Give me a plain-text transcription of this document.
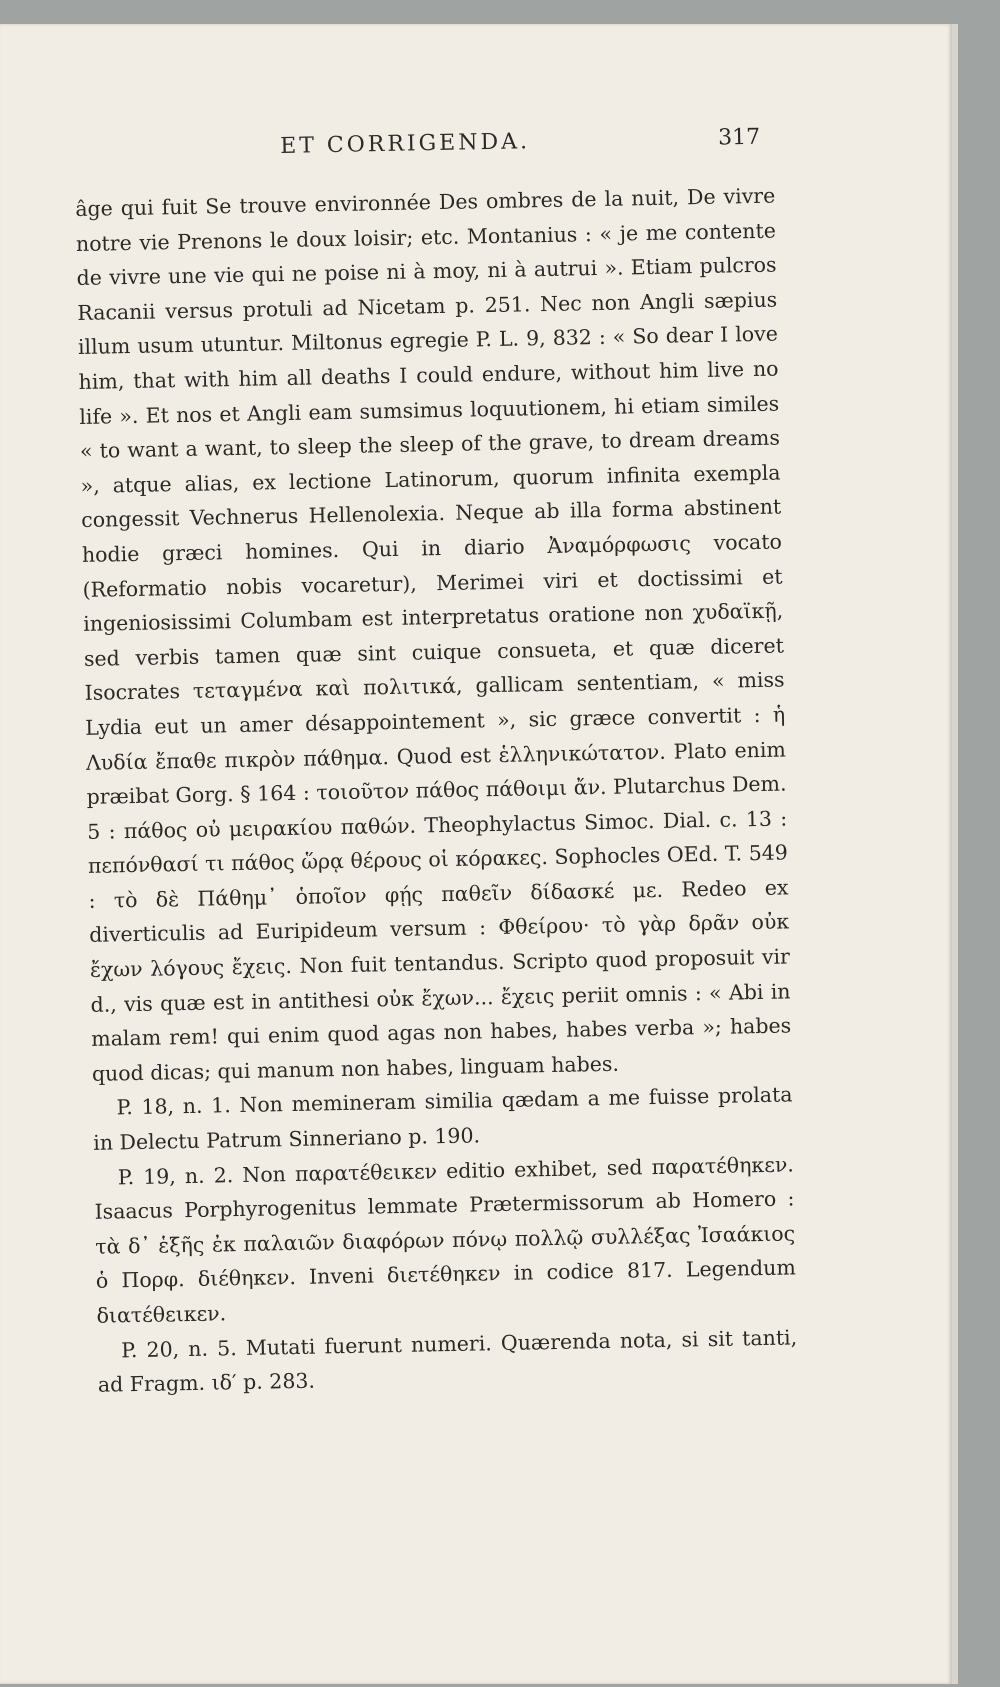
ET CORRIGENDA.	317

âge qui fuit Se trouve environnée Des ombres de la nuit, De vivre notre vie Prenons le doux loisir; etc. Montanius : « je me contente de vivre une vie qui ne poise ni à moy, ni à autrui ». Etiam pulcros Racanii versus protuli ad Nicetam p. 251. Nec non Angli sæpius illum usum utuntur. Miltonus egregie P. L. 9, 832 : « So dear I love him, that with him all deaths I could endure, without him live no life ». Et nos et Angli eam sumsimus loquutionem, hi etiam similes « to want a want, to sleep the sleep of the grave, to dream dreams », atque alias, ex lectione Latinorum, quorum infinita exempla congessit Vechnerus Hellenolexia. Neque ab illa forma abstinent hodie græci homines. Qui in diario Ἀναμόρφωσις vocato (Reformatio nobis vocaretur), Merimei viri et doctissimi et ingeniosissimi Columbam est interpretatus oratione non χυδαϊκῇ, sed verbis tamen quæ sint cuique consueta, et quæ diceret Isocrates τεταγμένα καὶ πολιτικά, gallicam sententiam, « miss Lydia eut un amer désappointement », sic græce convertit : ἡ Λυδία ἔπαθε πικρὸν πάθημα. Quod est ἑλληνικώτατον. Plato enim præibat Gorg. § 164 : τοιοῦτον πάθος πάθοιμι ἄν. Plutarchus Dem. 5 : πάθος οὐ μειρακίου παθών. Theophylactus Simoc. Dial. c. 13 : πεπόνθασί τι πάθος ὥρᾳ θέρους οἱ κόρακες. Sophocles OEd. T. 549 : τὸ δὲ Πάθημ᾽ ὁποῖον φῄς παθεῖν δίδασκέ με. Redeo ex diverticulis ad Euripideum versum : Φθείρου· τὸ γὰρ δρᾶν οὐκ ἔχων λόγους ἔχεις. Non fuit tentandus. Scripto quod proposuit vir d., vis quæ est in antithesi οὐκ ἔχων... ἔχεις periit omnis : « Abi in malam rem! qui enim quod agas non habes, habes verba »; habes quod dicas; qui manum non habes, linguam habes.

P. 18, n. 1. Non memineram similia qædam a me fuisse prolata in Delectu Patrum Sinneriano p. 190.

P. 19, n. 2. Non παρατέθεικεν editio exhibet, sed παρατέθηκεν. Isaacus Porphyrogenitus lemmate Prætermissorum ab Homero : τὰ δ᾽ ἑξῆς ἐκ παλαιῶν διαφόρων πόνῳ πολλῷ συλλέξας Ἰσαάκιος ὁ Πορφ. διέθηκεν. Inveni διετέθηκεν in codice 817. Legendum διατέθεικεν.

P. 20, n. 5. Mutati fuerunt numeri. Quærenda nota, si sit tanti, ad Fragm. ιδ′ p. 283.
